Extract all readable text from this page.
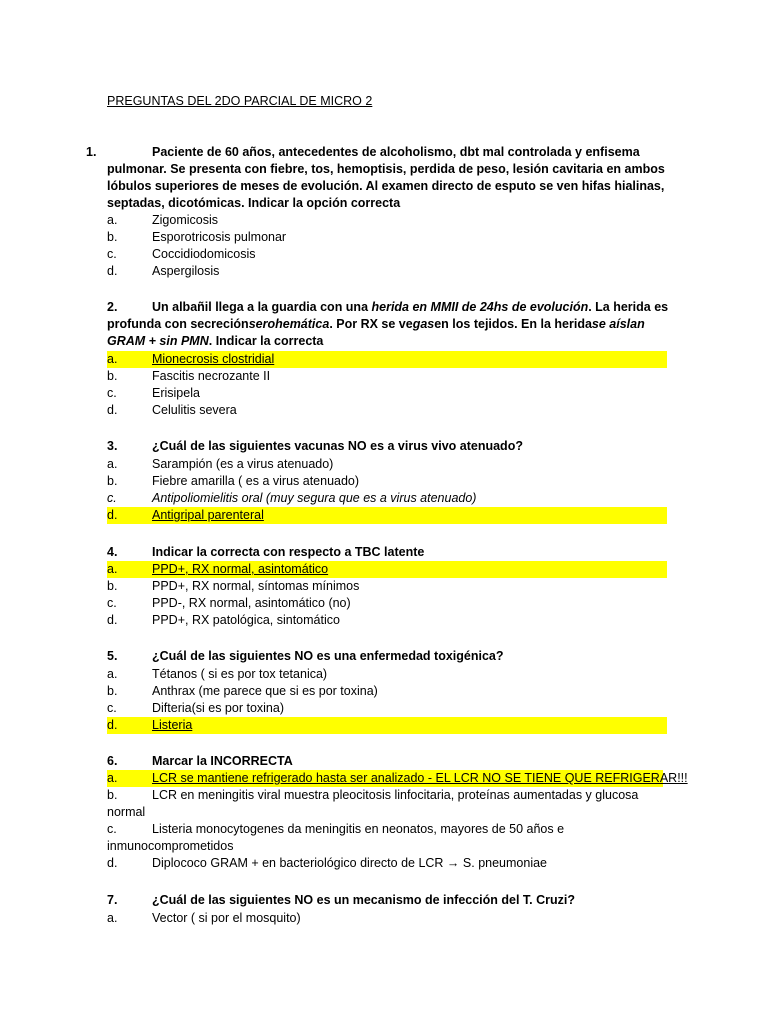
PREGUNTAS DEL 2DO PARCIAL DE MICRO 2
1.	Paciente de 60 años, antecedentes de alcoholismo, dbt mal controlada y enfisema
pulmonar. Se presenta con fiebre, tos, hemoptisis, perdida de peso, lesión cavitaria en ambos
lóbulos superiores de meses de evolución. Al examen directo de esputo se ven hifas hialinas,
septadas, dicotómicas. Indicar la opción correcta
a.	Zigomicosis
b.	Esporotricosis pulmonar
c.	Coccidiodomicosis
d.	Aspergilosis
2.	Un albañil llega a la guardia con una herida en MMII de 24hs de evolución. La herida es
profunda con secreción serohemática . Por RX se ve gas en los tejidos. En la herida se aíslan
GRAM + sin PMN . Indicar la correcta
a.	Mionecrosis clostridial
b.	Fascitis necrozante II
c.	Erisipela
d.	Celulitis severa
3.	¿Cuál de las siguientes vacunas NO es a virus vivo atenuado?
a.	Sarampión (es a virus atenuado)
b.	Fiebre amarilla ( es a virus atenuado)
c.	Antipoliomielitis oral (muy segura que es a virus atenuado)
d.	Antigripal parenteral
4.	Indicar la correcta con respecto a TBC latente
a.	PPD+, RX normal, asintomático
b.	PPD+, RX normal, síntomas mínimos
c.	PPD-, RX normal, asintomático (no)
d.	PPD+, RX patológica, sintomático
5.	¿Cuál de las siguientes NO es una enfermedad toxigénica?
a.	Tétanos ( si es por tox tetanica)
b.	Anthrax (me parece que si es por toxina)
c.	Difteria(si es por toxina)
d.	Listeria
6.	Marcar la INCORRECTA
a.	LCR se mantiene refrigerado hasta ser analizado - EL LCR NO SE TIENE QUE REFRIGERAR!!!
b.	LCR en meningitis viral muestra pleocitosis linfocitaria, proteínas aumentadas y glucosa
normal
c.	Listeria monocytogenes da meningitis en neonatos, mayores de 50 años e
inmunocomprometidos
d.	Diplococo GRAM + en bacteriológico directo de LCR → S. pneumoniae
7.	¿Cuál de las siguientes NO es un mecanismo de infección del T. Cruzi?
a.	Vector ( si por el mosquito)
